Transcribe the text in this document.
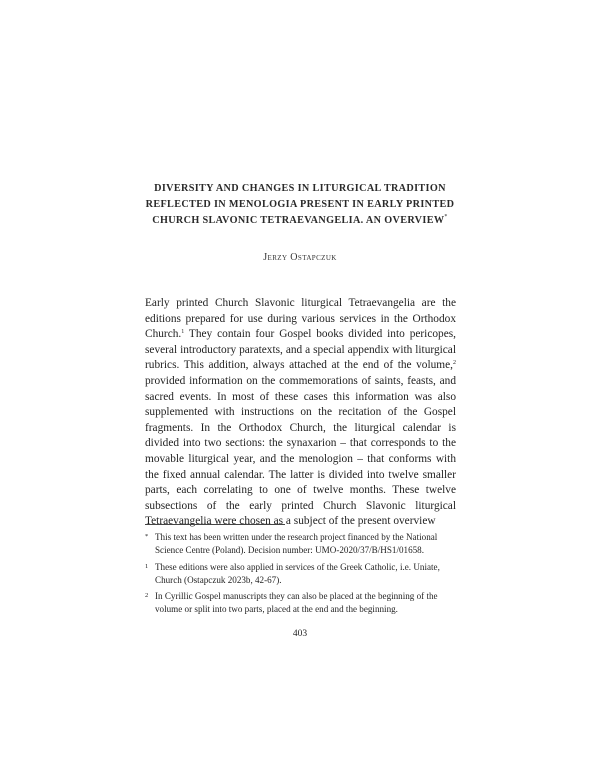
DIVERSITY AND CHANGES IN LITURGICAL TRADITION REFLECTED IN MENOLOGIA PRESENT IN EARLY PRINTED CHURCH SLAVONIC TETRAEVANGELIA. AN OVERVIEW*
Jerzy Ostapczuk
Early printed Church Slavonic liturgical Tetraevangelia are the editions prepared for use during various services in the Orthodox Church.$^1$ They contain four Gospel books divided into pericopes, several introductory paratexts, and a special appendix with liturgical rubrics. This addition, always attached at the end of the volume,$^2$ provided information on the commemorations of saints, feasts, and sacred events. In most of these cases this information was also supplemented with instructions on the recitation of the Gospel fragments. In the Orthodox Church, the liturgical calendar is divided into two sections: the synaxarion – that corresponds to the movable liturgical year, and the menologion – that conforms with the fixed annual calendar. The latter is divided into twelve smaller parts, each correlating to one of twelve months. These twelve subsections of the early printed Church Slavonic liturgical Tetraevangelia were chosen as a subject of the present overview
* This text has been written under the research project financed by the National Science Centre (Poland). Decision number: UMO-2020/37/B/HS1/01658.
1 These editions were also applied in services of the Greek Catholic, i.e. Uniate, Church (Ostapczuk 2023b, 42-67).
2 In Cyrillic Gospel manuscripts they can also be placed at the beginning of the volume or split into two parts, placed at the end and the beginning.
403
